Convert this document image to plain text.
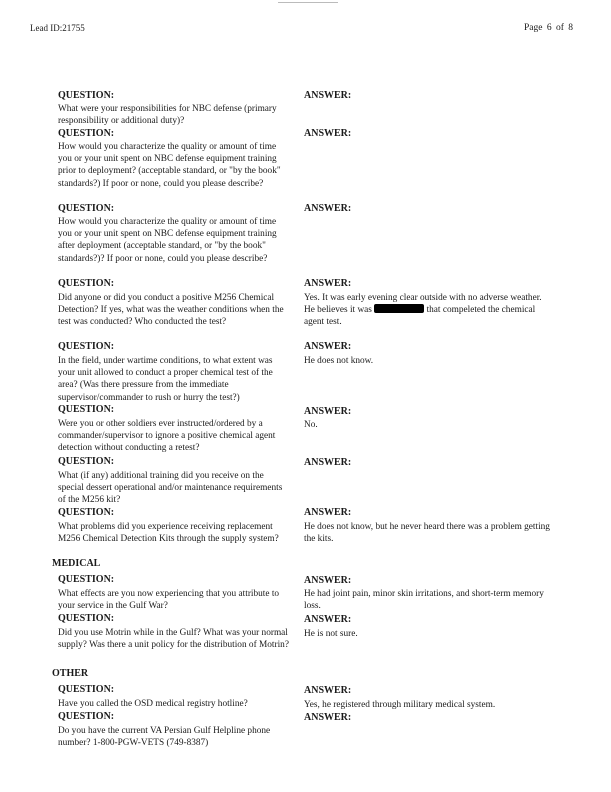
Lead ID:21755	Page 6 of 8
QUESTION:
What were your responsibilities for NBC defense (primary responsibility or additional duty)?
ANSWER:
QUESTION:
How would you characterize the quality or amount of time you or your unit spent on NBC defense equipment training prior to deployment? (acceptable standard, or "by the book" standards?) If poor or none, could you please describe?
ANSWER:
QUESTION:
How would you characterize the quality or amount of time you or your unit spent on NBC defense equipment training after deployment (acceptable standard, or "by the book" standards?)? If poor or none, could you please describe?
ANSWER:
QUESTION:
Did anyone or did you conduct a positive M256 Chemical Detection? If yes, what was the weather conditions when the test was conducted? Who conducted the test?
ANSWER:
Yes. It was early evening clear outside with no adverse weather. He believes it was	that compeleted the chemical agent test.
QUESTION:
In the field, under wartime conditions, to what extent was your unit allowed to conduct a proper chemical test of the area? (Was there pressure from the immediate supervisor/commander to rush or hurry the test?)
ANSWER:
He does not know.
QUESTION:
Were you or other soldiers ever instructed/ordered by a commander/supervisor to ignore a positive chemical agent detection without conducting a retest?
ANSWER:
No.
QUESTION:
What (if any) additional training did you receive on the special dessert operational and/or maintenance requirements of the M256 kit?
ANSWER:
QUESTION:
What problems did you experience receiving replacement M256 Chemical Detection Kits through the supply system?
ANSWER:
He does not know, but he never heard there was a problem getting the kits.
MEDICAL
QUESTION:
What effects are you now experiencing that you attribute to your service in the Gulf War?
ANSWER:
He had joint pain, minor skin irritations, and short-term memory loss.
QUESTION:
Did you use Motrin while in the Gulf? What was your normal supply? Was there a unit policy for the distribution of Motrin?
ANSWER:
He is not sure.
OTHER
QUESTION:
Have you called the OSD medical registry hotline?
ANSWER:
Yes, he registered through military medical system.
QUESTION:
Do you have the current VA Persian Gulf Helpline phone number? 1-800-PGW-VETS (749-8387)
ANSWER:
